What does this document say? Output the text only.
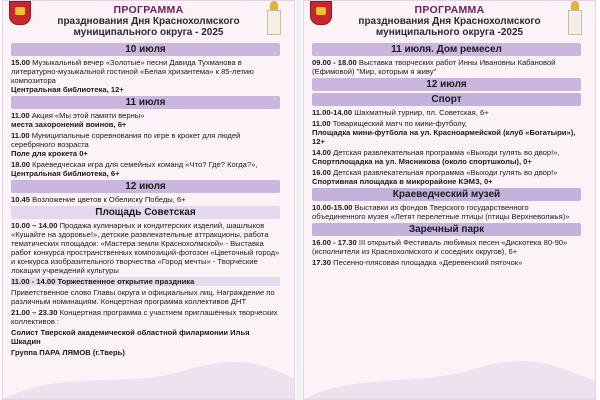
ПРОГРАММА
празднования Дня Краснохолмского
муниципального округа - 2025
10 июля
15.00 Музыкальный вечер «Золотые» песни Давида Тухманова в литературно-музыкальной гостиной «Белая хризантема» к 85-летию композитора
Центральная библиотека, 12+
11 июля
11.00 Акция «Мы этой памяти верны»
места захоронений воинов, 6+
11.00 Муниципальные соревнования по игре в крокет для людей серебряного возраста
Поле для крокета 0+
18.00 Краеведческая игра для семейных команд «Что? Где? Когда?»,
Центральная библиотека, 6+
12 июля
10.45 Возложение цветов к Обелиску Победы, 6+
Площадь Советская
10.00 – 14.00 Продажа кулинарных и кондитерских изделий, шашлыков «Кушайте на здоровье!», детские развлекательные аттракционы, работа тематических площадок: «Мастера земли Краснохолмской» - Выставка работ конкурса пространственных композиций-фотозон «Цветочный город» и конкурса изобразительного творчества «Город мечты» - Творческие локации учреждений культуры
11.00 - 14.00 Торжественное открытие праздника
Приветственное слово Главы округа и официальных лиц. Награждение по различным номинациям. Концертная программа коллективов ДНТ
21.00 – 23.30 Концертная программа с участием приглашённых творческих коллективов :
Солист Тверской академической областной филармонии Илья Шкадин
Группа ПАРА ЛЯМОВ (г.Тверь)
ПРОГРАММА
празднования Дня Краснохолмского
муниципального округа -2025
11 июля. Дом ремесел
09.00 - 18.00 Выставка творческих работ Инны Ивановны Кабановой (Ефимовой) "Мир, которым я живу"
12 июля
Спорт
11.00-14.00 Шахматный турнир, пл. Советская, 6+
11.00 Товарищеский матч по мини-футболу,
Площадка мини-футбола на ул. Красноармейской (клуб «Богатыри»), 12+
14.00 Детская развлекательная программа «Выходи гулять во двор!»,
Спортплощадка на ул. Мясникова (около спортшколы), 0+
16.00 Детская развлекательная программа «Выходи гулять во двор!»
Спортивная площадка в микрорайоне КЭМЗ, 0+
Краеведческий музей
10.00-15.00 Выставки из фондов Тверского государственного объединенного музея «Летят перелетные птицы (птицы Верхневолжья)»
Заречный парк
16.00 - 17.30 III открытый Фестиваль любимых песен «Дискотека 80-90» (исполнители из Краснохолмского и соседних округов), 6+
17.30 Песенно-плясовая площадка «Деревенский пяточок»
